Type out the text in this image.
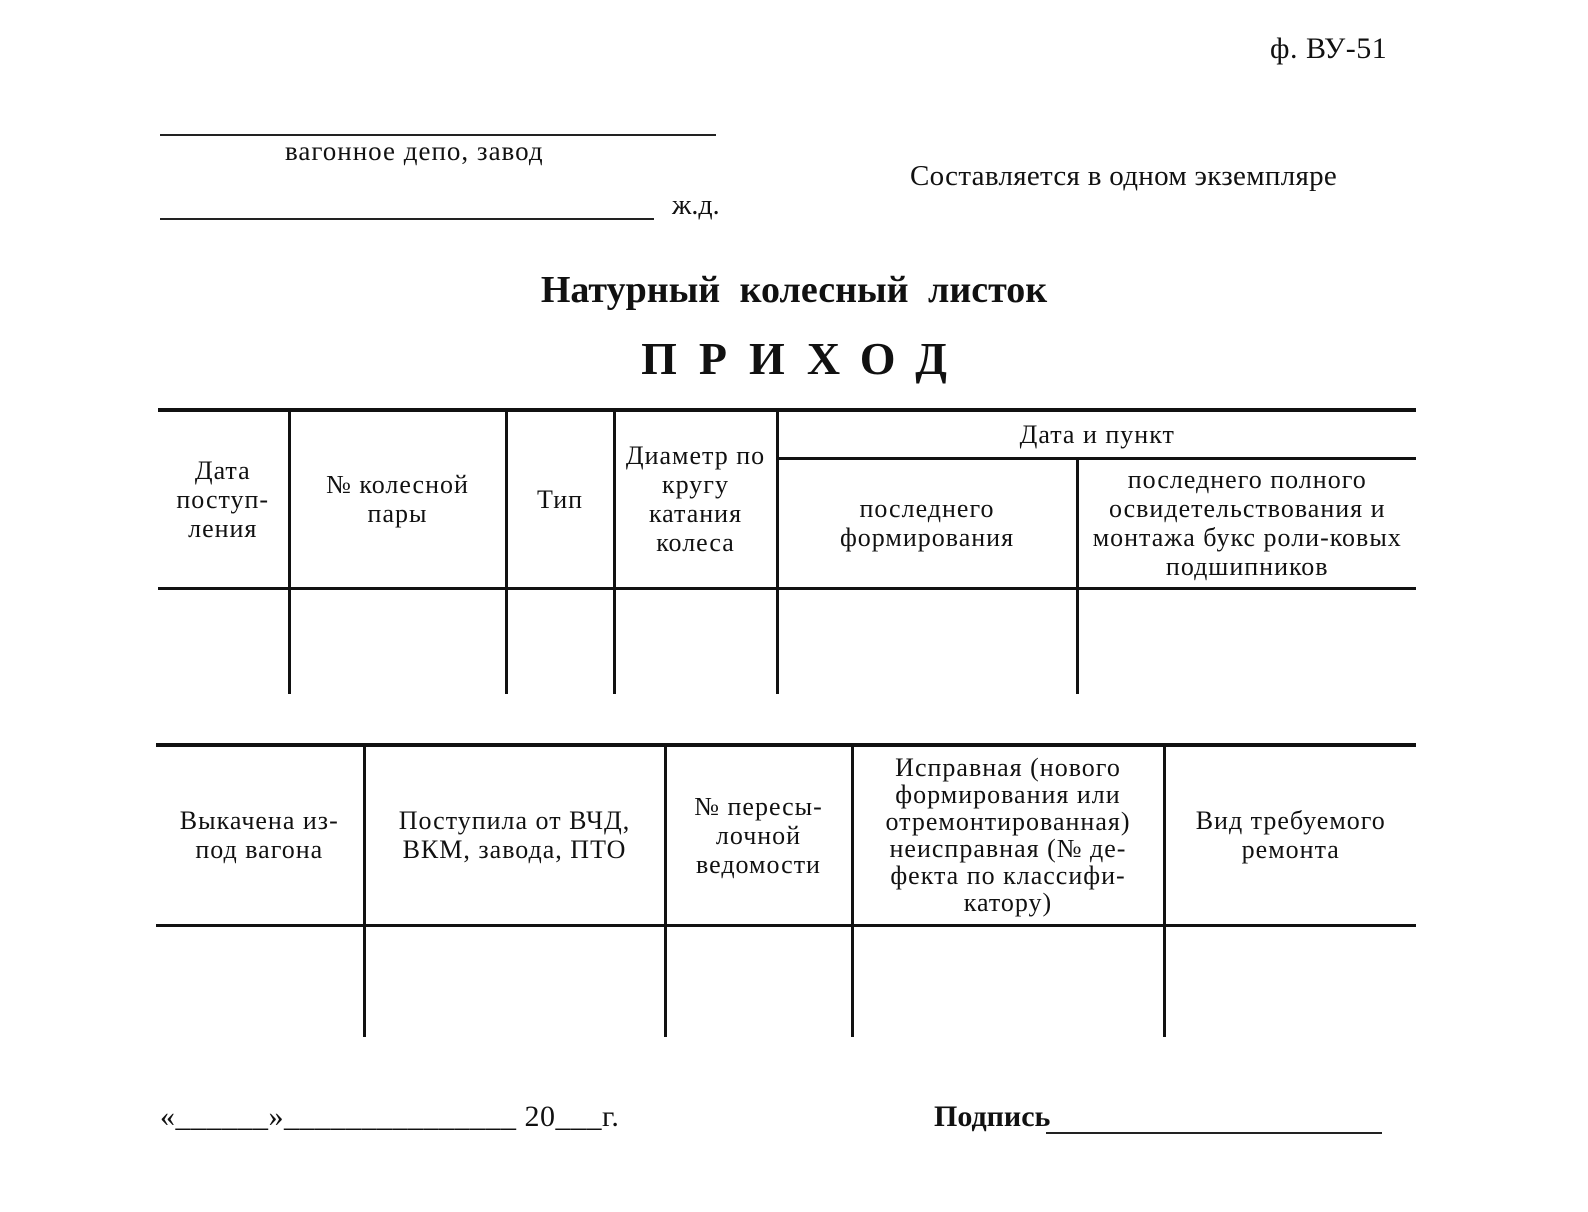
ф. ВУ-51
вагонное депо, завод
ж.д.
Составляется в одном экземпляре
Натурный колесный листок
ПРИХОД
Дата поступ-ления	№ колесной пары	Тип	Диаметр по кругу катания колеса	Дата и пункт	
				последнего формирования	последнего полного освидетельствования и монтажа букс роли-ковых подшипников

Выкачена из-под вагона	Поступила от ВЧД, ВКМ, завода, ПТО	№ пересы-лочной ведомости	Исправная (нового формирования или отремонтированная) неисправная (№ де-фекта по классифи-катору)	Вид требуемого ремонта

«______»_______________ 20___г.	Подпись
